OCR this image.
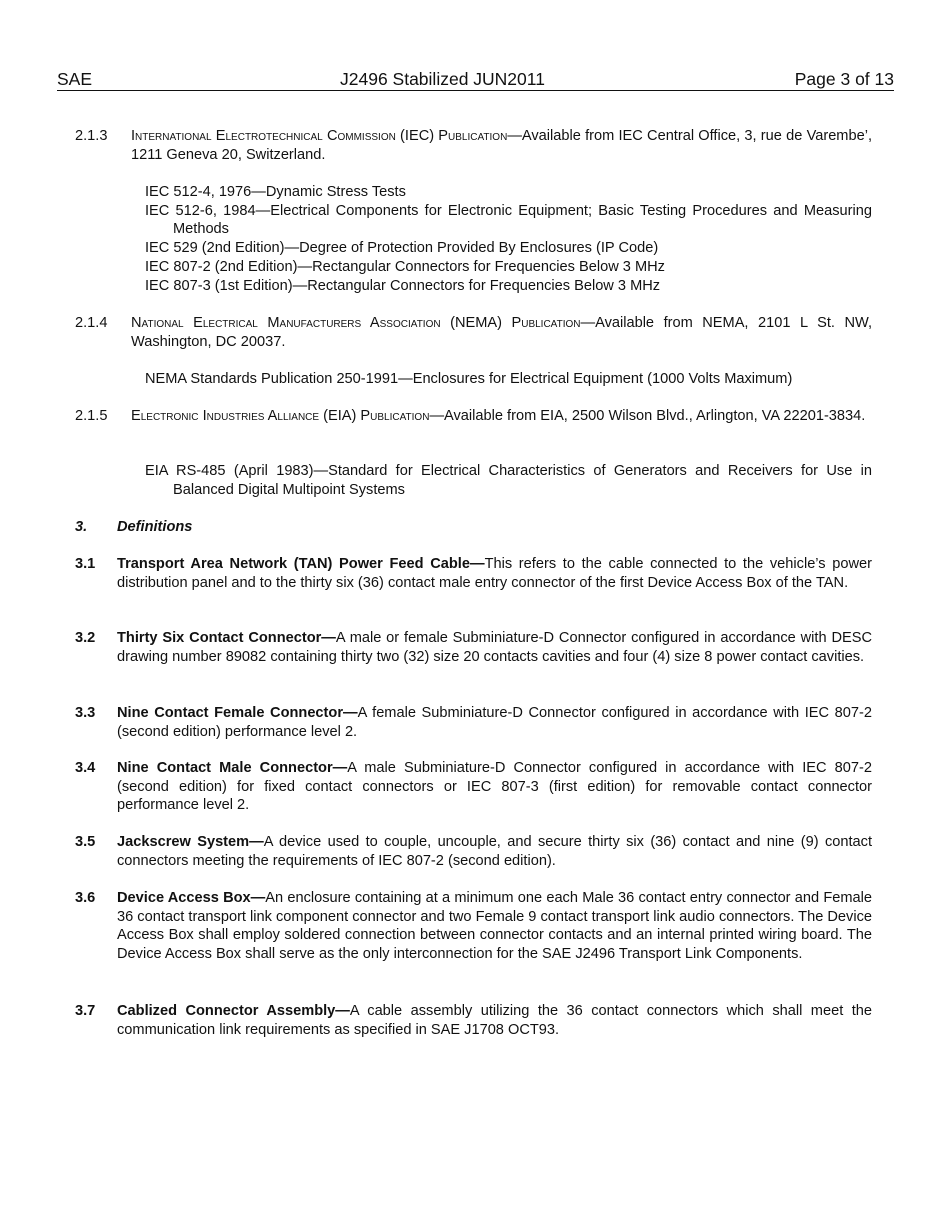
SAE	J2496 Stabilized JUN2011	Page 3 of 13
2.1.3 International Electrotechnical Commission (IEC) Publication—Available from IEC Central Office, 3, rue de Varembe’, 1211 Geneva 20, Switzerland.
IEC 512-4, 1976—Dynamic Stress Tests
IEC 512-6, 1984—Electrical Components for Electronic Equipment; Basic Testing Procedures and Measuring Methods
IEC 529 (2nd Edition)—Degree of Protection Provided By Enclosures (IP Code)
IEC 807-2 (2nd Edition)—Rectangular Connectors for Frequencies Below 3 MHz
IEC 807-3 (1st Edition)—Rectangular Connectors for Frequencies Below 3 MHz
2.1.4 National Electrical Manufacturers Association (NEMA) Publication—Available from NEMA, 2101 L St. NW, Washington, DC 20037.
NEMA Standards Publication 250-1991—Enclosures for Electrical Equipment (1000 Volts Maximum)
2.1.5 Electronic Industries Alliance (EIA) Publication—Available from EIA, 2500 Wilson Blvd., Arlington, VA 22201-3834.
EIA RS-485 (April 1983)—Standard for Electrical Characteristics of Generators and Receivers for Use in Balanced Digital Multipoint Systems
3. Definitions
3.1 Transport Area Network (TAN) Power Feed Cable—This refers to the cable connected to the vehicle’s power distribution panel and to the thirty six (36) contact male entry connector of the first Device Access Box of the TAN.
3.2 Thirty Six Contact Connector—A male or female Subminiature-D Connector configured in accordance with DESC drawing number 89082 containing thirty two (32) size 20 contacts cavities and four (4) size 8 power contact cavities.
3.3 Nine Contact Female Connector—A female Subminiature-D Connector configured in accordance with IEC 807-2 (second edition) performance level 2.
3.4 Nine Contact Male Connector—A male Subminiature-D Connector configured in accordance with IEC 807-2 (second edition) for fixed contact connectors or IEC 807-3 (first edition) for removable contact connector performance level 2.
3.5 Jackscrew System—A device used to couple, uncouple, and secure thirty six (36) contact and nine (9) contact connectors meeting the requirements of IEC 807-2 (second edition).
3.6 Device Access Box—An enclosure containing at a minimum one each Male 36 contact entry connector and Female 36 contact transport link component connector and two Female 9 contact transport link audio connectors. The Device Access Box shall employ soldered connection between connector contacts and an internal printed wiring board. The Device Access Box shall serve as the only interconnection for the SAE J2496 Transport Link Components.
3.7 Cablized Connector Assembly—A cable assembly utilizing the 36 contact connectors which shall meet the communication link requirements as specified in SAE J1708 OCT93.
